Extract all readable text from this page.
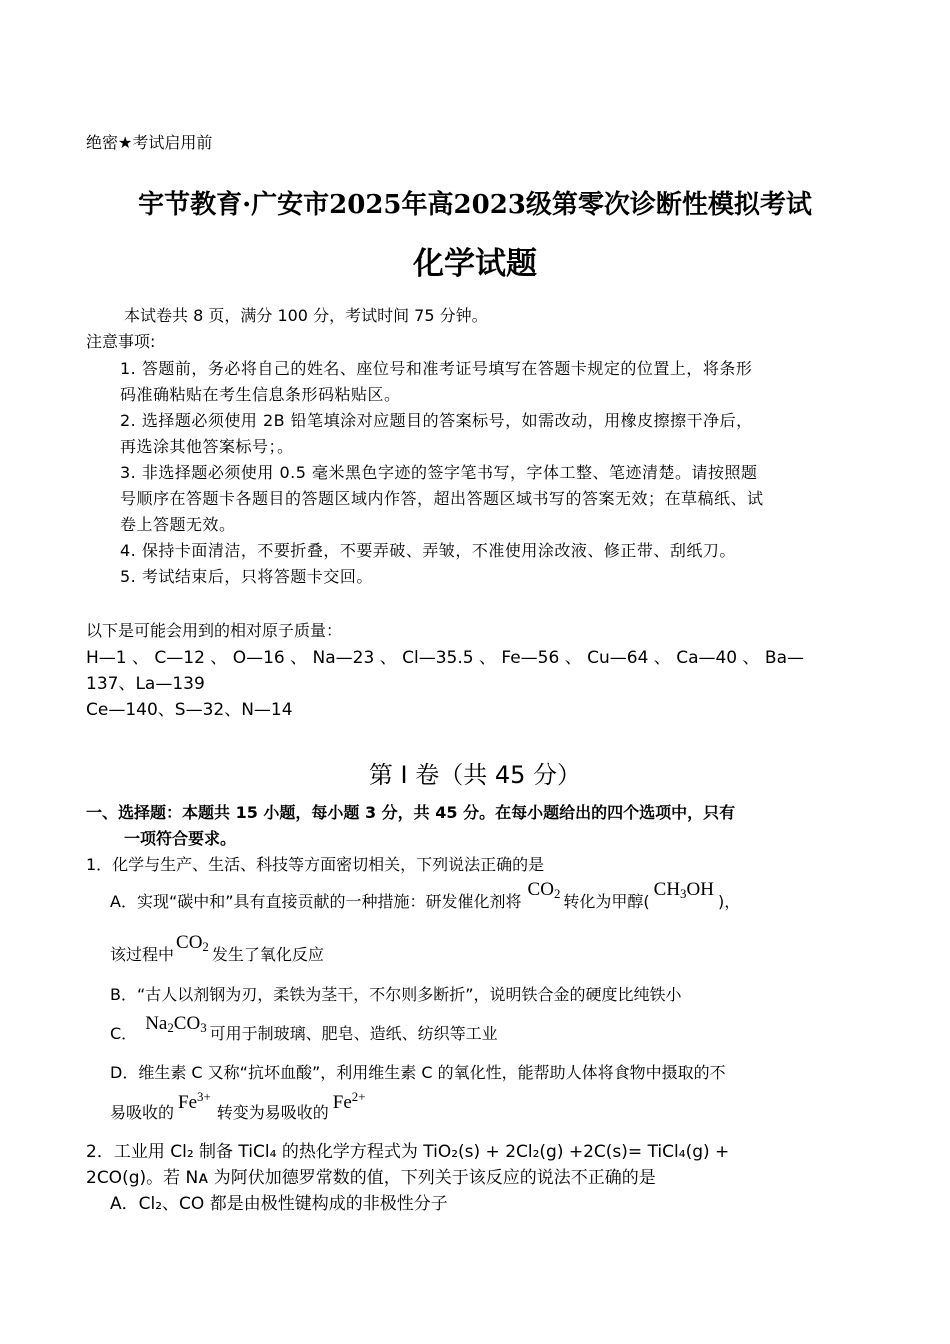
绝密★考试启用前
宇节教育·广安市2025年高2023级第零次诊断性模拟考试
化学试题
本试卷共 8 页，满分 100 分，考试时间 75 分钟。
注意事项:
1. 答题前，务必将自己的姓名、座位号和准考证号填写在答题卡规定的位置上，将条形
码准确粘贴在考生信息条形码粘贴区。
2. 选择题必须使用 2B 铅笔填涂对应题目的答案标号，如需改动，用橡皮擦擦干净后，
再选涂其他答案标号；。
3. 非选择题必须使用 0.5 毫米黑色字迹的签字笔书写，字体工整、笔迹清楚。请按照题
号顺序在答题卡各题目的答题区域内作答，超出答题区域书写的答案无效；在草稿纸、试
卷上答题无效。
4. 保持卡面清洁，不要折叠，不要弄破、弄皱，不准使用涂改液、修正带、刮纸刀。
5. 考试结束后，只将答题卡交回。
以下是可能会用到的相对原子质量：
H—1 、 C—12 、 O—16 、 Na—23 、 Cl—35.5 、 Fe—56 、 Cu—64 、 Ca—40 、 Ba—
137、La—139
Ce—140、S—32、N—14
第 I 卷（共 45 分）
一、选择题：本题共 15 小题，每小题 3 分，共 45 分。在每小题给出的四个选项中，只有
一项符合要求。
1．化学与生产、生活、科技等方面密切相关，下列说法正确的是
A．实现“碳中和”具有直接贡献的一种措施：研发催化剂将$CO_2$ 转化为甲醇$(CH_3OH)$，
该过程中$CO_2$ 发生了氧化反应
B．“古人以剂钢为刃，柔铁为茎干，不尔则多断折”，说明铁合金的硬度比纯铁小
C． $Na_2CO_3$ 可用于制玻璃、肥皂、造纸、纺织等工业
D．维生素 C 又称“抗坏血酸”，利用维生素 C 的氧化性，能帮助人体将食物中摄取的不
易吸收的 $Fe^{3+}$转变为易吸收的 $Fe^{2+}$
2．工业用 Cl₂ 制备 TiCl₄ 的热化学方程式为 TiO₂(s) + 2Cl₂(g) +2C(s)= TiCl₄(g) +
2CO(g)。若 Nᴀ 为阿伏加德罗常数的值，下列关于该反应的说法不正确的是
A．Cl₂、CO 都是由极性键构成的非极性分子
